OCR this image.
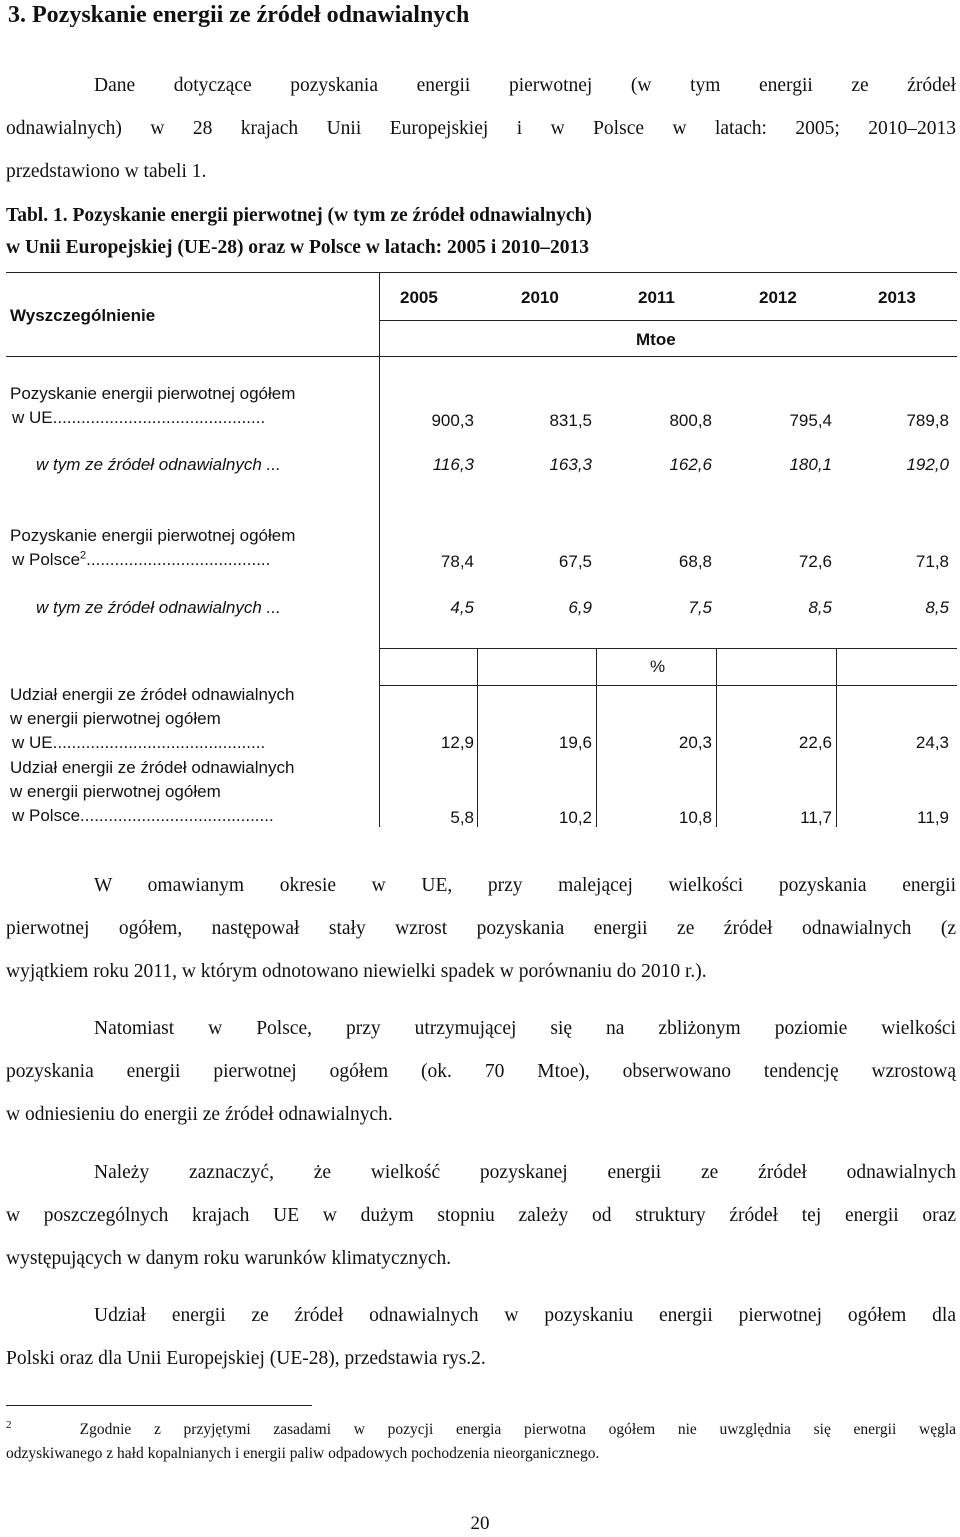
3. Pozyskanie energii ze źródeł odnawialnych
Dane dotyczące pozyskania energii pierwotnej (w tym energii ze źródeł
odnawialnych) w 28 krajach Unii Europejskiej i w Polsce w latach: 2005; 2010–2013
przedstawiono w tabeli 1.
Tabl. 1. Pozyskanie energii pierwotnej (w tym ze źródeł odnawialnych)
w Unii Europejskiej (UE-28) oraz w Polsce w latach: 2005 i 2010–2013
Wyszczególnienie
2005	2010	2011	2012	2013
Mtoe
Pozyskanie energii pierwotnej ogółem
w UE.............................................	900,3	831,5	800,8	795,4	789,8
w tym ze źródeł odnawialnych ...	116,3	163,3	162,6	180,1	192,0
Pozyskanie energii pierwotnej ogółem
w Polsce$^2$.......................................	78,4	67,5	68,8	72,6	71,8
w tym ze źródeł odnawialnych ...	4,5	6,9	7,5	8,5	8,5
%
Udział energii ze źródeł odnawialnych
w energii pierwotnej ogółem
w UE.............................................	12,9	19,6	20,3	22,6	24,3
Udział energii ze źródeł odnawialnych
w energii pierwotnej ogółem
w Polsce.........................................	5,8	10,2	10,8	11,7	11,9
W omawianym okresie w UE, przy malejącej wielkości pozyskania energii
pierwotnej ogółem, następował stały wzrost pozyskania energii ze źródeł odnawialnych (z
wyjątkiem roku 2011, w którym odnotowano niewielki spadek w porównaniu do 2010 r.).
Natomiast w Polsce, przy utrzymującej się na zbliżonym poziomie wielkości
pozyskania energii pierwotnej ogółem (ok. 70 Mtoe), obserwowano tendencję wzrostową
w odniesieniu do energii ze źródeł odnawialnych.
Należy zaznaczyć, że wielkość pozyskanej energii ze źródeł odnawialnych
w poszczególnych krajach UE w dużym stopniu zależy od struktury źródeł tej energii oraz
występujących w danym roku warunków klimatycznych.
Udział energii ze źródeł odnawialnych w pozyskaniu energii pierwotnej ogółem dla
Polski oraz dla Unii Europejskiej (UE-28), przedstawia rys.2.
$^2$	Zgodnie z przyjętymi zasadami w pozycji energia pierwotna ogółem nie uwzględnia się energii węgla
odzyskiwanego z hałd kopalnianych i energii paliw odpadowych pochodzenia nieorganicznego.
20
